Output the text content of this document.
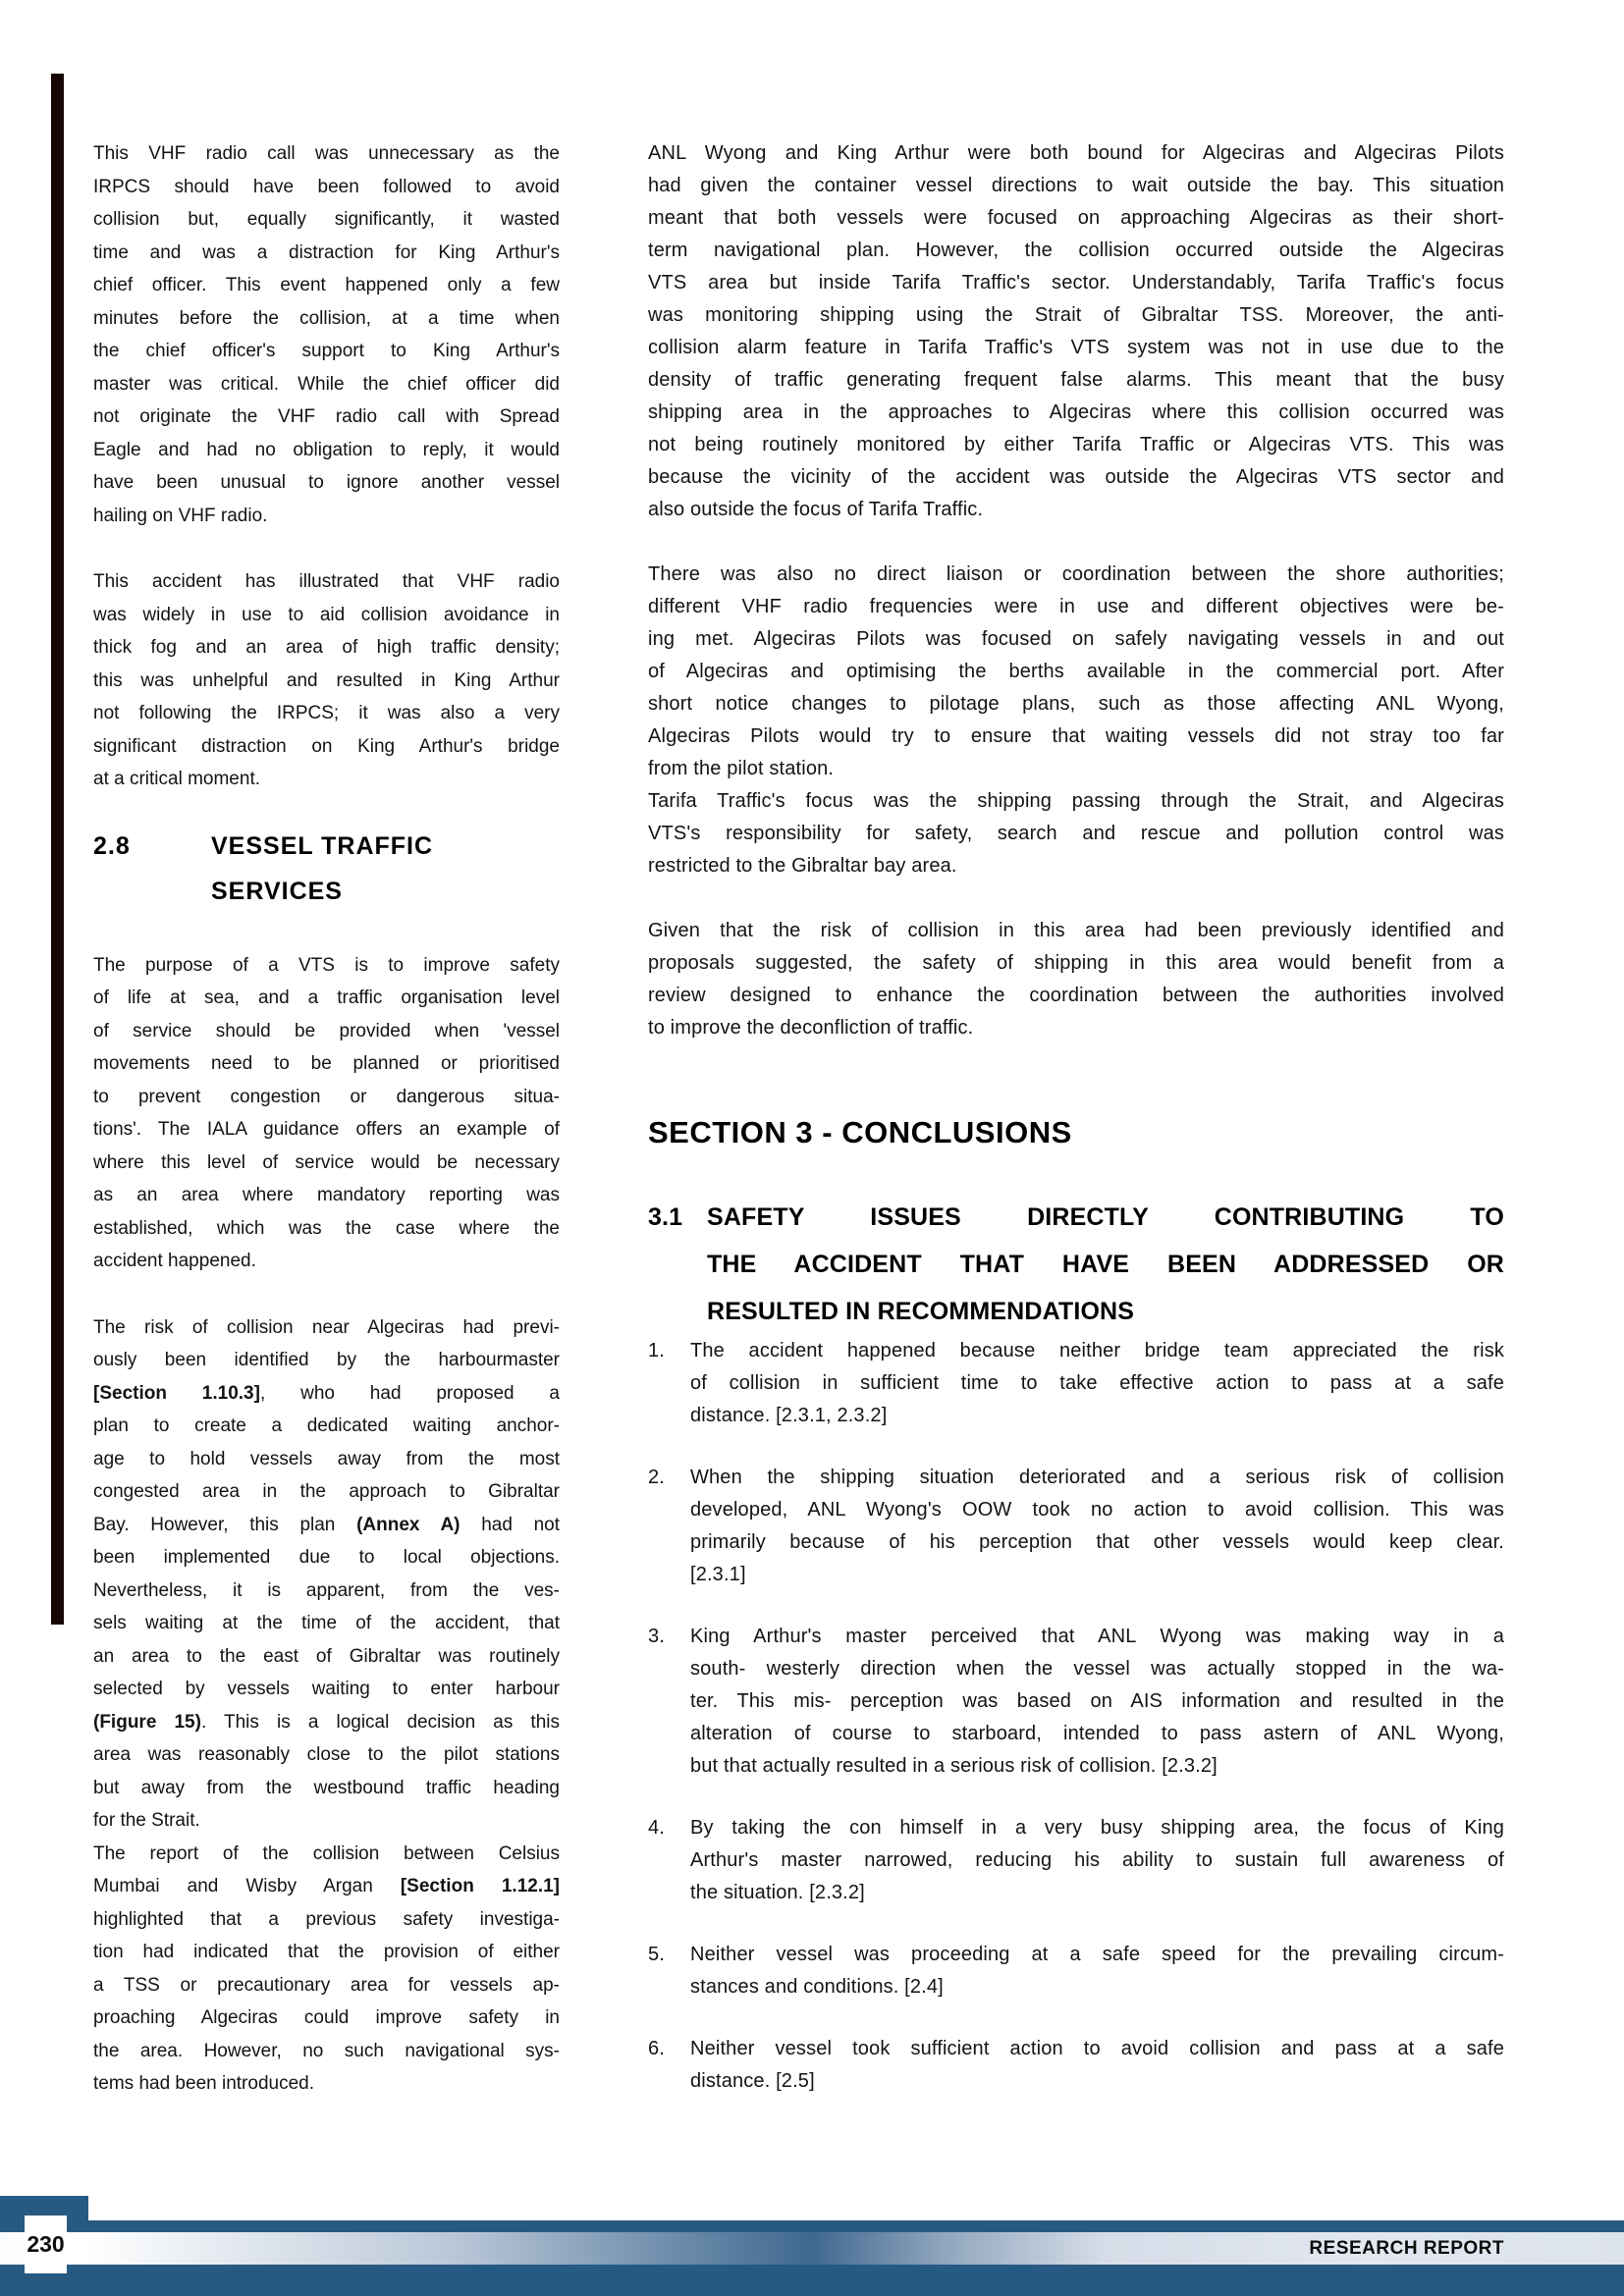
This VHF radio call was unnecessary as the
IRPCS should have been followed to avoid
collision but, equally significantly, it wasted
time and was a distraction for King Arthur's
chief officer. This event happened only a few
minutes before the collision, at a time when
the chief officer's support to King Arthur's
master was critical. While the chief officer did
not originate the VHF radio call with Spread
Eagle and had no obligation to reply, it would
have been unusual to ignore another vessel
hailing on VHF radio.
This accident has illustrated that VHF radio
was widely in use to aid collision avoidance in
thick fog and an area of high traffic density;
this was unhelpful and resulted in King Arthur
not following the IRPCS; it was also a very
significant distraction on King Arthur's bridge
at a critical moment.
2.8	VESSEL TRAFFIC
SERVICES
The purpose of a VTS is to improve safety
of life at sea, and a traffic organisation level
of service should be provided when 'vessel
movements need to be planned or prioritised
to prevent congestion or dangerous situa-
tions'. The IALA guidance offers an example of
where this level of service would be necessary
as an area where mandatory reporting was
established, which was the case where the
accident happened.
The risk of collision near Algeciras had previ-
ously been identified by the harbourmaster
[Section 1.10.3], who had proposed a
plan to create a dedicated waiting anchor-
age to hold vessels away from the most
congested area in the approach to Gibraltar
Bay. However, this plan (Annex A) had not
been implemented due to local objections.
Nevertheless, it is apparent, from the ves-
sels waiting at the time of the accident, that
an area to the east of Gibraltar was routinely
selected by vessels waiting to enter harbour
(Figure 15). This is a logical decision as this
area was reasonably close to the pilot stations
but away from the westbound traffic heading
for the Strait.
The report of the collision between Celsius
Mumbai and Wisby Argan [Section 1.12.1]
highlighted that a previous safety investiga-
tion had indicated that the provision of either
a TSS or precautionary area for vessels ap-
proaching Algeciras could improve safety in
the area. However, no such navigational sys-
tems had been introduced.
ANL Wyong and King Arthur were both bound for Algeciras and Algeciras Pilots
had given the container vessel directions to wait outside the bay. This situation
meant that both vessels were focused on approaching Algeciras as their short-
term navigational plan. However, the collision occurred outside the Algeciras
VTS area but inside Tarifa Traffic's sector. Understandably, Tarifa Traffic's focus
was monitoring shipping using the Strait of Gibraltar TSS. Moreover, the anti-
collision alarm feature in Tarifa Traffic's VTS system was not in use due to the
density of traffic generating frequent false alarms. This meant that the busy
shipping area in the approaches to Algeciras where this collision occurred was
not being routinely monitored by either Tarifa Traffic or Algeciras VTS. This was
because the vicinity of the accident was outside the Algeciras VTS sector and
also outside the focus of Tarifa Traffic.
There was also no direct liaison or coordination between the shore authorities;
different VHF radio frequencies were in use and different objectives were be-
ing met. Algeciras Pilots was focused on safely navigating vessels in and out
of Algeciras and optimising the berths available in the commercial port. After
short notice changes to pilotage plans, such as those affecting ANL Wyong,
Algeciras Pilots would try to ensure that waiting vessels did not stray too far
from the pilot station.
Tarifa Traffic's focus was the shipping passing through the Strait, and Algeciras
VTS's responsibility for safety, search and rescue and pollution control was
restricted to the Gibraltar bay area.
Given that the risk of collision in this area had been previously identified and
proposals suggested, the safety of shipping in this area would benefit from a
review designed to enhance the coordination between the authorities involved
to improve the deconfliction of traffic.
SECTION 3 - CONCLUSIONS
3.1 SAFETY ISSUES DIRECTLY CONTRIBUTING TO
THE ACCIDENT THAT HAVE BEEN ADDRESSED OR
RESULTED IN RECOMMENDATIONS
1.	The accident happened because neither bridge team appreciated the risk
of collision in sufficient time to take effective action to pass at a safe
distance. [2.3.1, 2.3.2]
2.	When the shipping situation deteriorated and a serious risk of collision
developed, ANL Wyong's OOW took no action to avoid collision. This was
primarily because of his perception that other vessels would keep clear.
[2.3.1]
3.	King Arthur's master perceived that ANL Wyong was making way in a
south- westerly direction when the vessel was actually stopped in the wa-
ter. This mis- perception was based on AIS information and resulted in the
alteration of course to starboard, intended to pass astern of ANL Wyong,
but that actually resulted in a serious risk of collision. [2.3.2]
4.	By taking the con himself in a very busy shipping area, the focus of King
Arthur's master narrowed, reducing his ability to sustain full awareness of
the situation. [2.3.2]
5.	Neither vessel was proceeding at a safe speed for the prevailing circum-
stances and conditions. [2.4]
6.	Neither vessel took sufficient action to avoid collision and pass at a safe
distance. [2.5]
RESEARCH REPORT
230
